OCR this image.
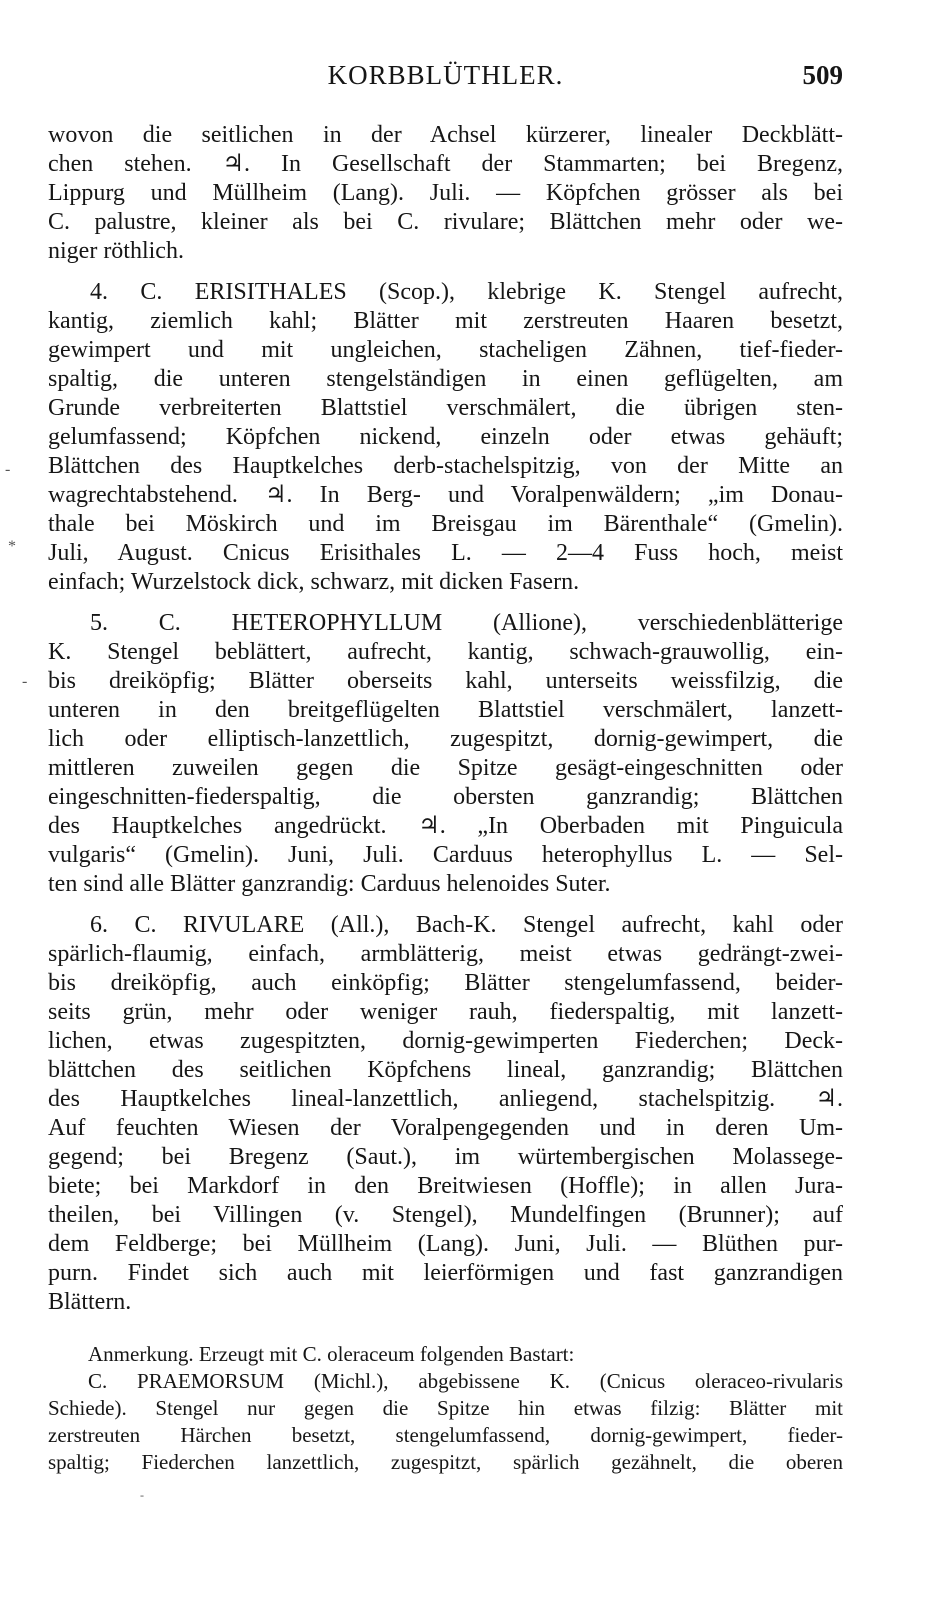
KORBBLÜTHLER.	509
-
*
-
-
wovon die seitlichen in der Achsel kürzerer, linealer Deckblätt-
chen stehen. ♃. In Gesellschaft der Stammarten; bei Bregenz,
Lippurg und Müllheim (Lang). Juli. — Köpfchen grösser als bei
C. palustre, kleiner als bei C. rivulare; Blättchen mehr oder we-
niger röthlich.
4. C. ERISITHALES (Scop.), klebrige K. Stengel aufrecht,
kantig, ziemlich kahl; Blätter mit zerstreuten Haaren besetzt,
gewimpert und mit ungleichen, stacheligen Zähnen, tief-fieder-
spaltig, die unteren stengelständigen in einen geflügelten, am
Grunde verbreiterten Blattstiel verschmälert, die übrigen sten-
gelumfassend; Köpfchen nickend, einzeln oder etwas gehäuft;
Blättchen des Hauptkelches derb-stachelspitzig, von der Mitte an
wagrechtabstehend. ♃. In Berg- und Voralpenwäldern; „im Donau-
thale bei Möskirch und im Breisgau im Bärenthale“ (Gmelin).
Juli, August. Cnicus Erisithales L. — 2—4 Fuss hoch, meist
einfach; Wurzelstock dick, schwarz, mit dicken Fasern.
5. C. HETEROPHYLLUM (Allione), verschiedenblätterige
K. Stengel beblättert, aufrecht, kantig, schwach-grauwollig, ein-
bis dreiköpfig; Blätter oberseits kahl, unterseits weissfilzig, die
unteren in den breitgeflügelten Blattstiel verschmälert, lanzett-
lich oder elliptisch-lanzettlich, zugespitzt, dornig-gewimpert, die
mittleren zuweilen gegen die Spitze gesägt-eingeschnitten oder
eingeschnitten-fiederspaltig, die obersten ganzrandig; Blättchen
des Hauptkelches angedrückt. ♃. „In Oberbaden mit Pinguicula
vulgaris“ (Gmelin). Juni, Juli. Carduus heterophyllus L. — Sel-
ten sind alle Blätter ganzrandig: Carduus helenoides Suter.
6. C. RIVULARE (All.), Bach-K. Stengel aufrecht, kahl oder
spärlich-flaumig, einfach, armblätterig, meist etwas gedrängt-zwei-
bis dreiköpfig, auch einköpfig; Blätter stengelumfassend, beider-
seits grün, mehr oder weniger rauh, fiederspaltig, mit lanzett-
lichen, etwas zugespitzten, dornig-gewimperten Fiederchen; Deck-
blättchen des seitlichen Köpfchens lineal, ganzrandig; Blättchen
des Hauptkelches lineal-lanzettlich, anliegend, stachelspitzig. ♃.
Auf feuchten Wiesen der Voralpengegenden und in deren Um-
gegend; bei Bregenz (Saut.), im würtembergischen Molassege-
biete; bei Markdorf in den Breitwiesen (Hoffle); in allen Jura-
theilen, bei Villingen (v. Stengel), Mundelfingen (Brunner); auf
dem Feldberge; bei Müllheim (Lang). Juni, Juli. — Blüthen pur-
purn. Findet sich auch mit leierförmigen und fast ganzrandigen
Blättern.
Anmerkung. Erzeugt mit C. oleraceum folgenden Bastart:
C. PRAEMORSUM (Michl.), abgebissene K. (Cnicus oleraceo-rivularis
Schiede). Stengel nur gegen die Spitze hin etwas filzig: Blätter mit
zerstreuten Härchen besetzt, stengelumfassend, dornig-gewimpert, fieder-
spaltig; Fiederchen lanzettlich, zugespitzt, spärlich gezähnelt, die oberen
